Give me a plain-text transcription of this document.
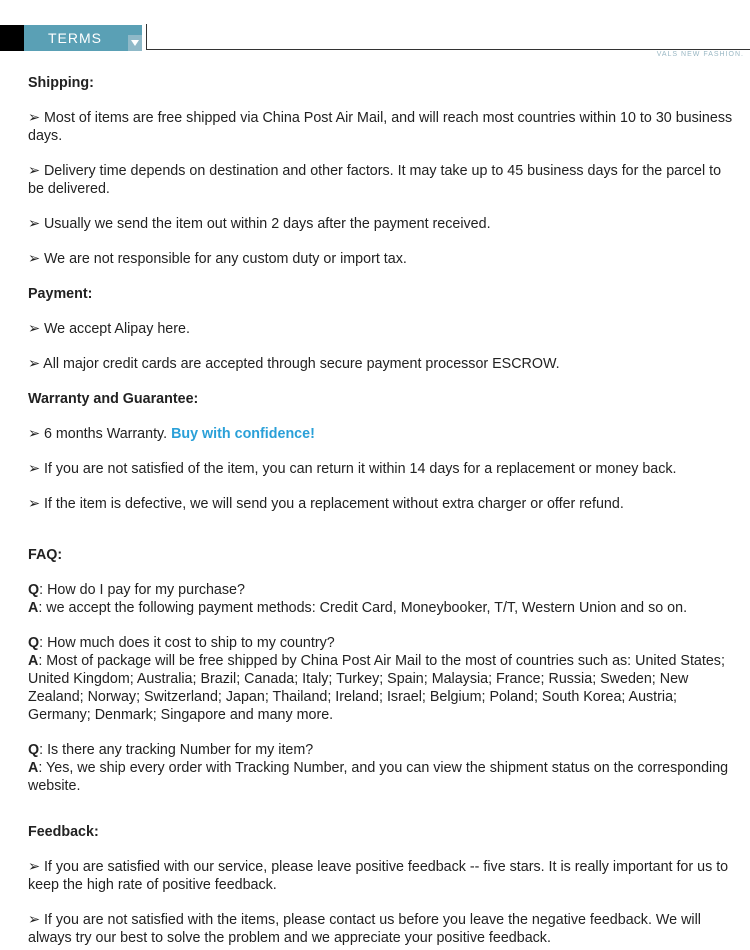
TERMS
VALS NEW FASHION.

Shipping:

➢ Most of items are free shipped via China Post Air Mail, and will reach most countries within 10 to 30 business days.

➢ Delivery time depends on destination and other factors. It may take up to 45 business days for the parcel to be delivered.

➢ Usually we send the item out within 2 days after the payment received.

➢ We are not responsible for any custom duty or import tax.

Payment:

➢ We accept Alipay here.

➢ All major credit cards are accepted through secure payment processor ESCROW.

Warranty and Guarantee:

➢ 6 months Warranty. Buy with confidence!

➢ If you are not satisfied of the item, you can return it within 14 days for a replacement or money back.

➢ If the item is defective, we will send you a replacement without extra charger or offer refund.

FAQ:

Q: How do I pay for my purchase?

A: we accept the following payment methods: Credit Card, Moneybooker, T/T, Western Union and so on.

Q: How much does it cost to ship to my country?

A: Most of package will be free shipped by China Post Air Mail to the most of countries such as: United States; United Kingdom; Australia; Brazil; Canada; Italy; Turkey; Spain; Malaysia; France; Russia; Sweden; New Zealand; Norway; Switzerland; Japan; Thailand; Ireland; Israel; Belgium; Poland; South Korea; Austria; Germany; Denmark; Singapore and many more.

Q: Is there any tracking Number for my item?

A: Yes, we ship every order with Tracking Number, and you can view the shipment status on the corresponding website.

Feedback:

➢ If you are satisfied with our service, please leave positive feedback -- five stars. It is really important for us to keep the high rate of positive feedback.

➢ If you are not satisfied with the items, please contact us before you leave the negative feedback. We will always try our best to solve the problem and we appreciate your positive feedback.
